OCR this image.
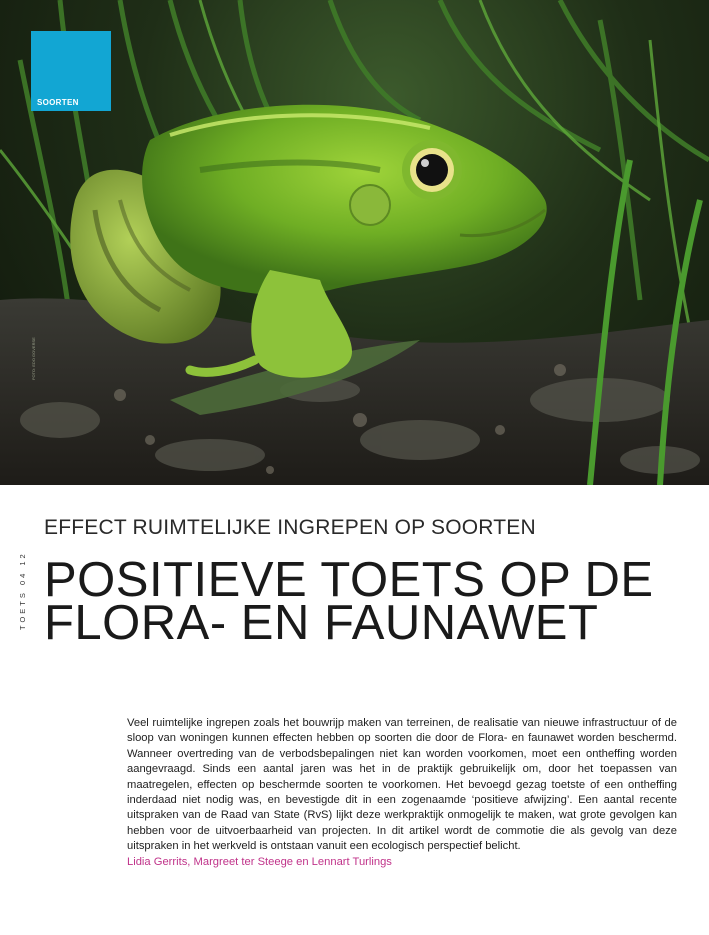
SOORTEN
FOTO: EDO GOVERSE
EFFECT RUIMTELIJKE INGREPEN OP SOORTEN
POSITIEVE TOETS OP DE
FLORA- EN FAUNAWET
TOETS 04 12

Veel ruimtelijke ingrepen zoals het bouwrijp maken van terreinen, de realisatie van nieuwe infrastructuur of de sloop van woningen kunnen effecten hebben op soorten die door de Flora- en faunawet worden beschermd. Wanneer overtreding van de verbodsbepalingen niet kan worden voorkomen, moet een ontheffing worden aangevraagd. Sinds een aantal jaren was het in de praktijk gebruikelijk om, door het toepassen van maatregelen, effecten op beschermde soorten te voorkomen. Het bevoegd gezag toetste of een ontheffing inderdaad niet nodig was, en bevestigde dit in een zogenaamde ‘positieve afwijzing’. Een aantal recente uitspraken van de Raad van State (RvS) lijkt deze werkpraktijk onmogelijk te maken, wat grote gevolgen kan hebben voor de uitvoerbaarheid van projecten. In dit artikel wordt de commotie die als gevolg van deze uitspraken in het werkveld is ontstaan vanuit een ecologisch perspectief belicht.
Lidia Gerrits, Margreet ter Steege en Lennart Turlings
